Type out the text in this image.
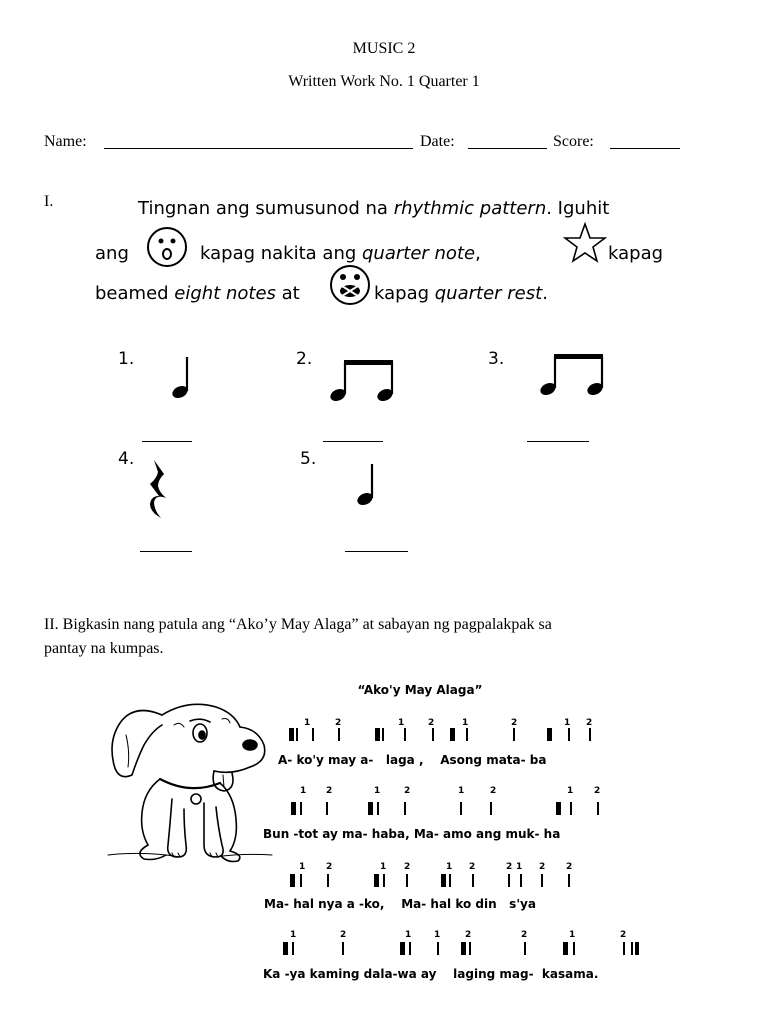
MUSIC 2
Written Work No. 1 Quarter 1
Name:	Date:	Score:
I.	Tingnan ang sumusunod na rhythmic pattern. Iguhit
ang	kapag nakita ang quarter note,	kapag
beamed eight notes at	kapag quarter rest.
1.	2.	3.
4.	5.
II. Bigkasin nang patula ang “Ako’y May Alaga” at sabayan ng pagpalakpak sa
pantay na kumpas.
“Ako'y May Alaga”
1	2	1	2	1	2	1 2
A- ko'y may a-   laga ,    Asong mata- ba
1 2	1	2	1	2	1 2
Bun -tot ay ma- haba, Ma- amo ang muk- ha
1 2	1 2	1 2	2 1 2 2
Ma- hal nya a -ko,    Ma- hal ko din   s'ya
1	2	1	1	2	2	1	2
Ka -ya kaming dala-wa ay    laging mag-  kasama.
